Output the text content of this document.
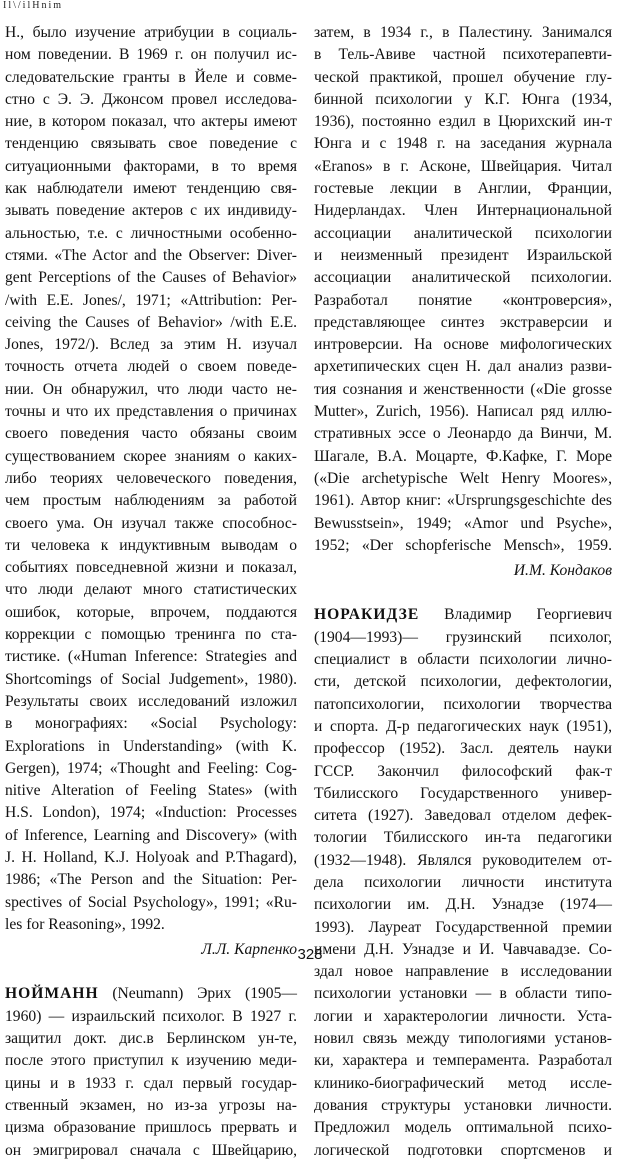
Il\/ilHnim
Н., было изучение атрибуции в социаль-
ном поведении. В 1969 г. он получил ис-
следовательские гранты в Йеле и совме-
стно с Э. Э. Джонсом провел исследова-
ние, в котором показал, что актеры имеют
тенденцию связывать свое поведение с
ситуационными факторами, в то время
как наблюдатели имеют тенденцию свя-
зывать поведение актеров с их индивиду-
альностью, т.е. с личностными особенно-
стями. «The Actor and the Observer: Diver-
gent Perceptions of the Causes of Behavior»
/with E.E. Jones/, 1971; «Attribution: Per-
ceiving the Causes of Behavior» /with E.E.
Jones, 1972/). Вслед за этим Н. изучал
точность отчета людей о своем поведе-
нии. Он обнаружил, что люди часто не-
точны и что их представления о причинах
своего поведения часто обязаны своим
существованием скорее знаниям о каких-
либо теориях человеческого поведения,
чем простым наблюдениям за работой
своего ума. Он изучал также способнос-
ти человека к индуктивным выводам о
событиях повседневной жизни и показал,
что люди делают много статистических
ошибок, которые, впрочем, поддаются
коррекции с помощью тренинга по ста-
тистике. («Human Inference: Strategies and
Shortcomings of Social Judgement», 1980).
Результаты своих исследований изложил
в монографиях: «Social Psychology:
Explorations in Understanding» (with K.
Gergen), 1974; «Thought and Feeling: Cog-
nitive Alteration of Feeling States» (with
H.S. London), 1974; «Induction: Processes
of Inference, Learning and Discovery» (with
J. H. Holland, K.J. Holyoak and P.Thagard),
1986; «The Person and the Situation: Per-
spectives of Social Psychology», 1991; «Ru-
les for Reasoning», 1992.
Л.Л. Карпенко
НОЙМАНН (Neumann) Эрих (1905—
1960) — израильский психолог. В 1927 г.
защитил докт. дис.в Берлинском ун-те,
после этого приступил к изучению меди-
цины и в 1933 г. сдал первый государ-
ственный экзамен, но из-за угрозы на-
цизма образование пришлось прервать и
он эмигрировал сначала с Швейцарию,
затем, в 1934 г., в Палестину. Занимался
в Тель-Авиве частной психотерапевти-
ческой практикой, прошел обучение глу-
бинной психологии у К.Г. Юнга (1934,
1936), постоянно ездил в Цюрихский ин-т
Юнга и с 1948 г. на заседания журнала
«Eranos» в г. Асконе, Швейцария. Читал
гостевые лекции в Англии, Франции,
Нидерландах. Член Интернациональной
ассоциации аналитической психологии
и неизменный президент Израильской
ассоциации аналитической психологии.
Разработал понятие «контроверсия»,
представляющее синтез экстраверсии и
интроверсии. На основе мифологических
архетипических сцен Н. дал анализ разви-
тия сознания и женственности («Die grosse
Mutter», Zurich, 1956). Написал ряд иллю-
стративных эссе о Леонардо да Винчи, М.
Шагале, В.А. Моцарте, Ф.Кафке, Г. Море
(«Die archetypische Welt Henry Moores»,
1961). Автор книг: «Ursprungsgeschichte des
Bewusstsein», 1949; «Amor und Psyche»,
1952; «Der schopferische Mensch», 1959.
И.М. Кондаков
НОРАКИДЗЕ Владимир Георгиевич
(1904—1993)— грузинский психолог,
специалист в области психологии лично-
сти, детской психологии, дефектологии,
патопсихологии, психологии творчества
и спорта. Д-р педагогических наук (1951),
профессор (1952). Засл. деятель науки
ГССР. Закончил философский фак-т
Тбилисского Государственного универ-
ситета (1927). Заведовал отделом дефек-
тологии Тбилисского ин-та педагогики
(1932—1948). Являлся руководителем от-
дела психологии личности института
психологии им. Д.Н. Узнадзе (1974—
1993). Лауреат Государственной премии
имени Д.Н. Узнадзе и И. Чавчавадзе. Со-
здал новое направление в исследовании
психологии установки — в области типо-
логии и характерологии личности. Уста-
новил связь между типологиями установ-
ки, характера и темперамента. Разработал
клинико-биографический метод иссле-
дования структуры установки личности.
Предложил модель оптимальной психо-
логической подготовки спортсменов и
328
